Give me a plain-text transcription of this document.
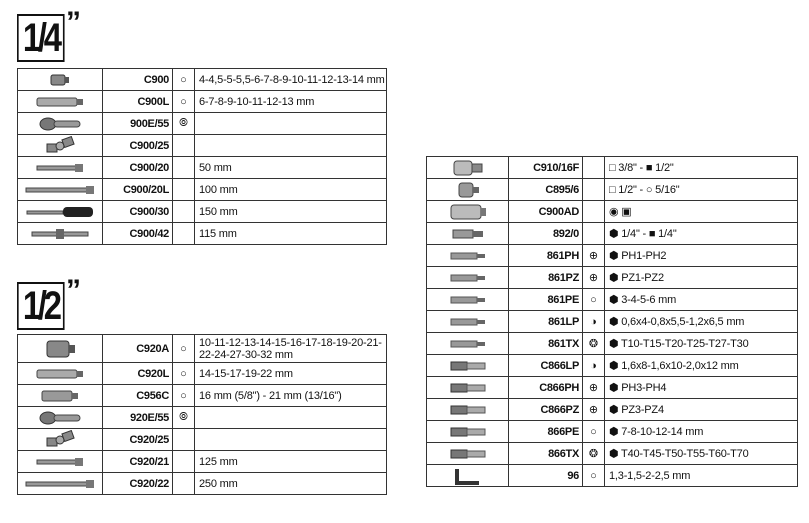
1/4 ”
	C900	○	4-4,5-5-5,5-6-7-8-9-10-11-12-13-14 mm

	C900L	○	6-7-8-9-10-11-12-13 mm

	900E/55	⦾	

	C900/25		

	C900/20		50 mm

	C900/20L		100 mm

	C900/30		150 mm

	C900/42		115 mm
1/2 ”
	C920A	○	10-11-12-13-14-15-16-17-18-19-20-21-22-24-27-30-32 mm

	C920L	○	14-15-17-19-22 mm

	C956C	○	16 mm (5/8") - 21 mm (13/16")

	920E/55	⦾	

	C920/25		

	C920/21		125 mm

	C920/22		250 mm
	C910/16F		□ 3/8" - ■ 1/2"

	C895/6		□ 1/2" - ○ 5/16"

	C900AD		◉ ▣

	892/0		⬢ 1/4" - ■ 1/4"

	861PH	⊕	⬢ PH1-PH2

	861PZ	⊕	⬢ PZ1-PZ2

	861PE	○	⬢ 3-4-5-6 mm

	861LP	◑	⬢ 0,6x4-0,8x5,5-1,2x6,5 mm

	861TX	❂	⬢ T10-T15-T20-T25-T27-T30

	C866LP	◑	⬢ 1,6x8-1,6x10-2,0x12 mm

	C866PH	⊕	⬢ PH3-PH4

	C866PZ	⊕	⬢ PZ3-PZ4

	866PE	○	⬢ 7-8-10-12-14 mm

	866TX	❂	⬢ T40-T45-T50-T55-T60-T70

	96	○	1,3-1,5-2-2,5 mm
